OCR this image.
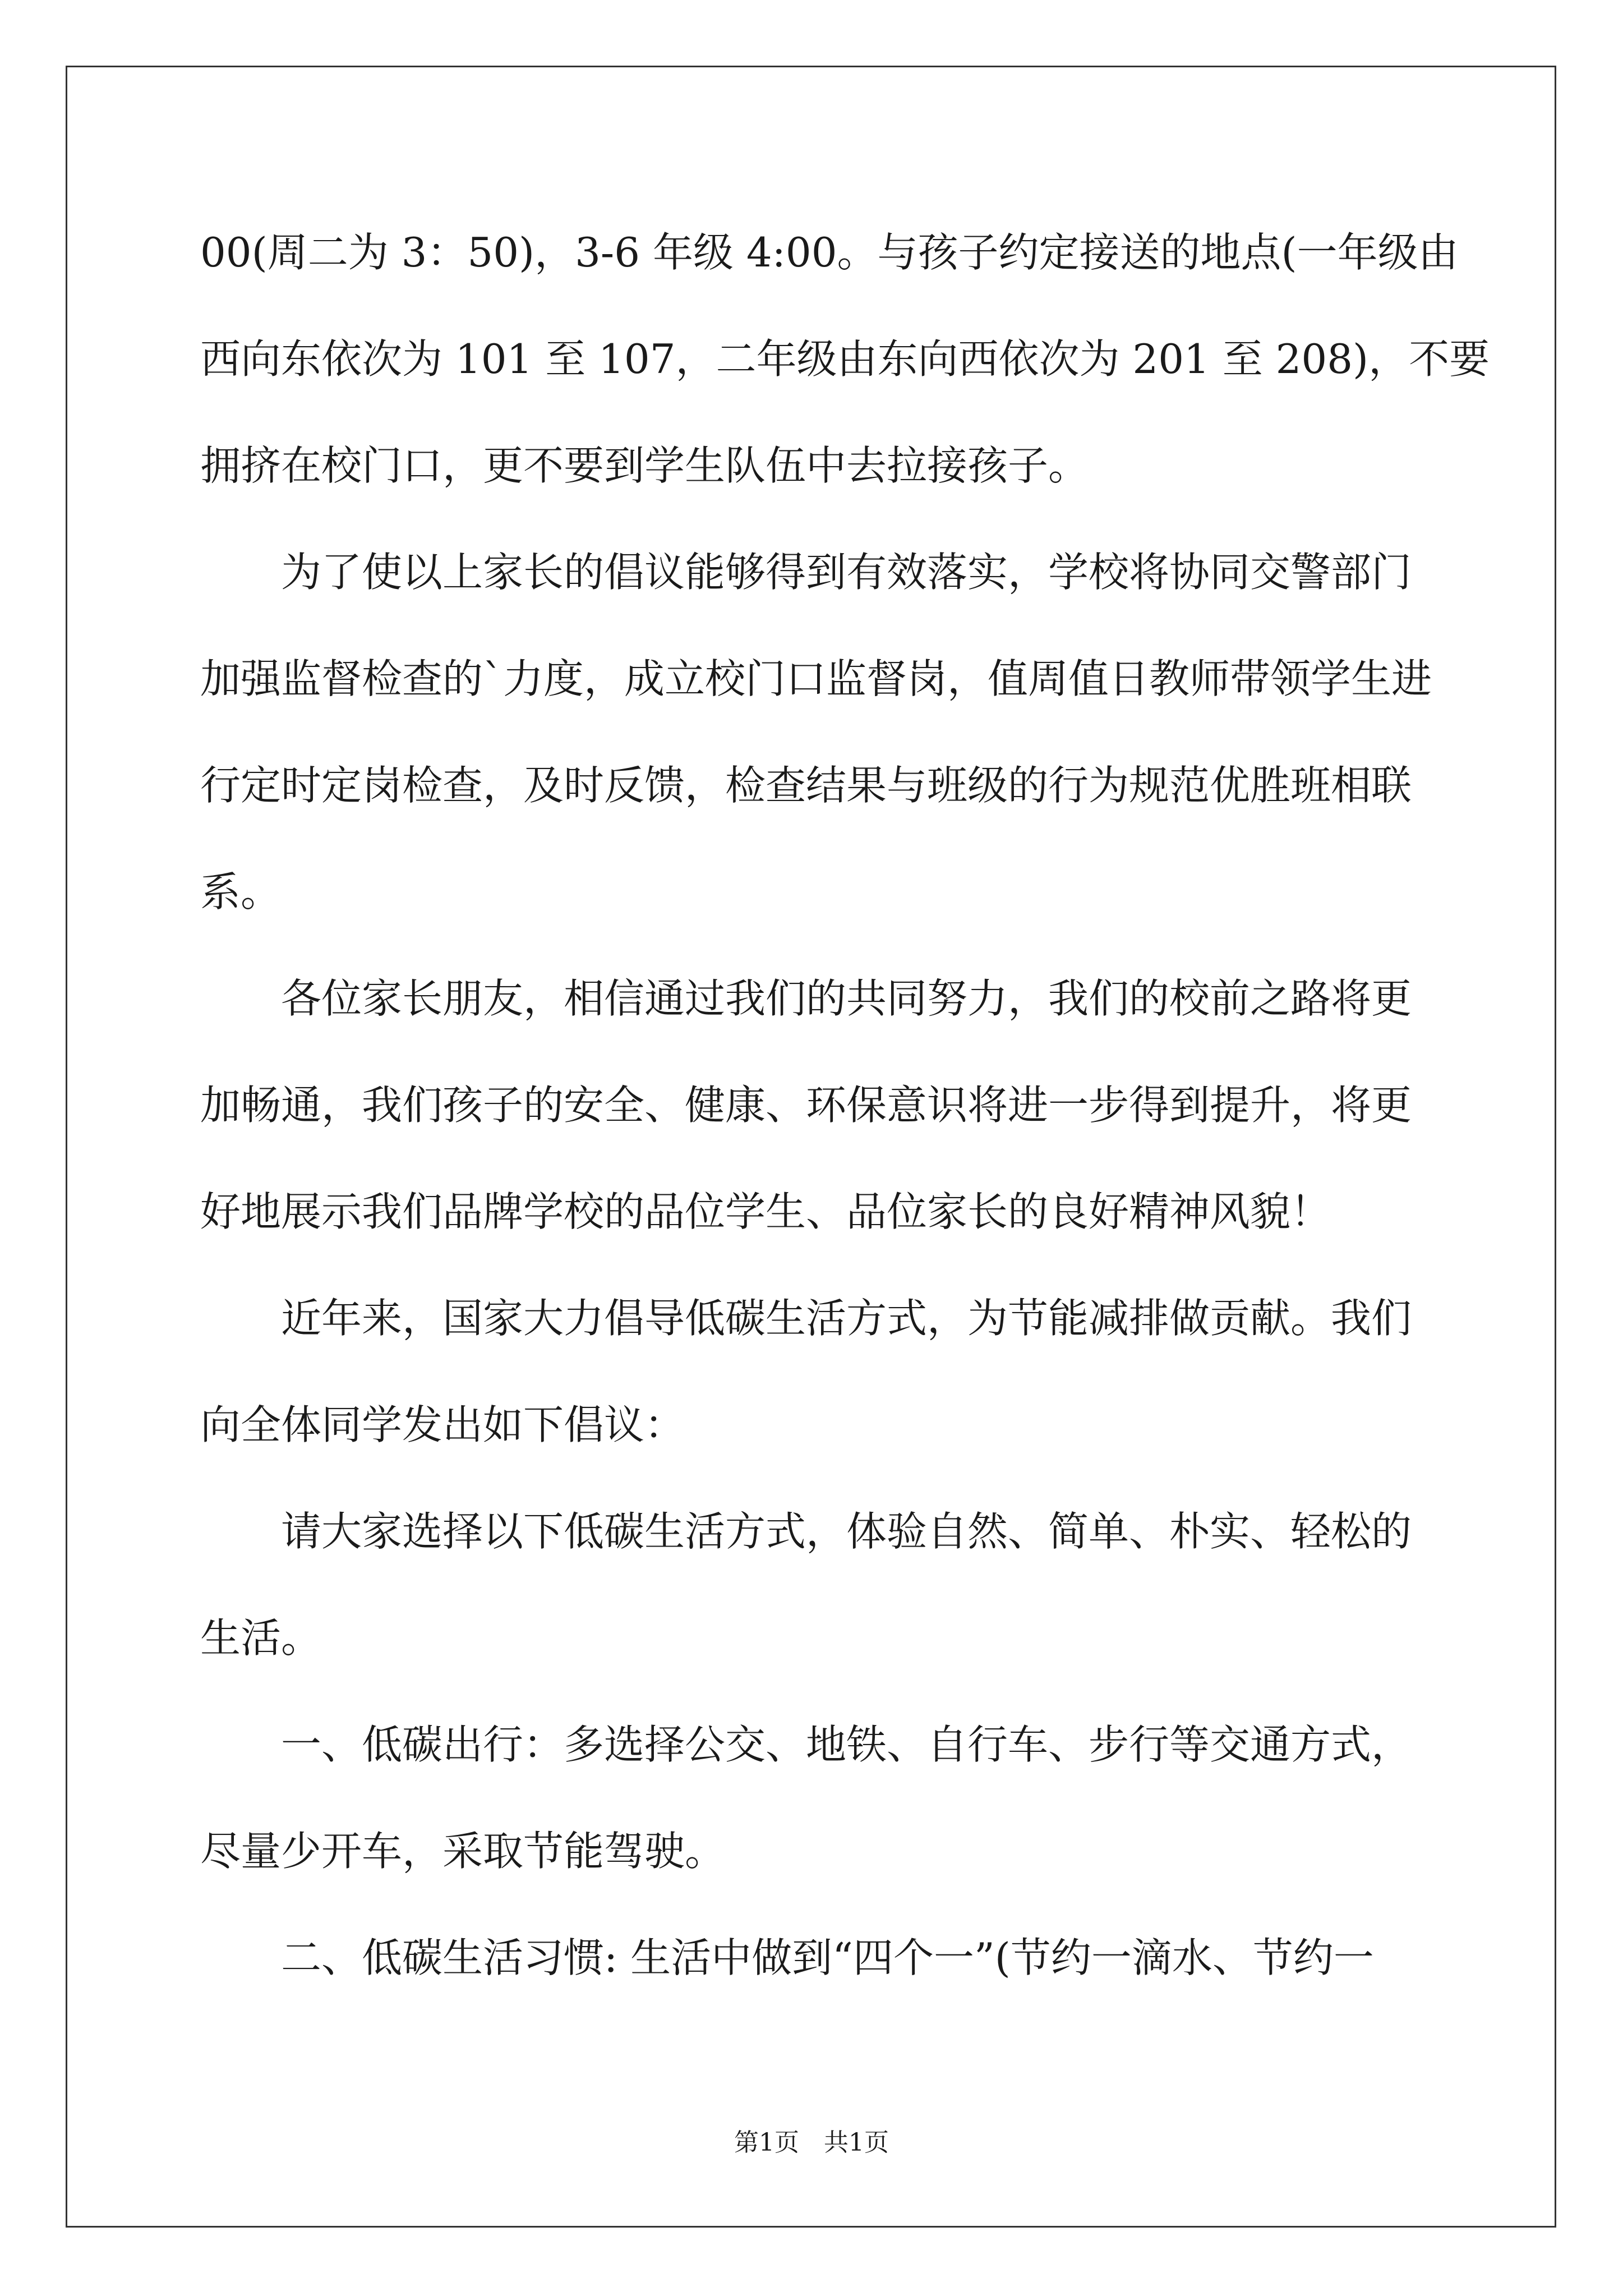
00(周二为 3：50)，3-6 年级 4:00。与孩子约定接送的地点(一年级由
西向东依次为 101 至 107，二年级由东向西依次为 201 至 208)，不要
拥挤在校门口，更不要到学生队伍中去拉接孩子。
为了使以上家长的倡议能够得到有效落实，学校将协同交警部门
加强监督检查的`力度，成立校门口监督岗，值周值日教师带领学生进
行定时定岗检查，及时反馈，检查结果与班级的行为规范优胜班相联
系。
各位家长朋友，相信通过我们的共同努力，我们的校前之路将更
加畅通，我们孩子的安全、健康、环保意识将进一步得到提升，将更
好地展示我们品牌学校的品位学生、品位家长的良好精神风貌！
近年来，国家大力倡导低碳生活方式，为节能减排做贡献。我们
向全体同学发出如下倡议：
请大家选择以下低碳生活方式，体验自然、简单、朴实、轻松的
生活。
一、低碳出行：多选择公交、地铁、自行车、步行等交通方式，
尽量少开车，采取节能驾驶。
二、低碳生活习惯: 生活中做到“四个一”(节约一滴水、节约一
第1页 共1页
